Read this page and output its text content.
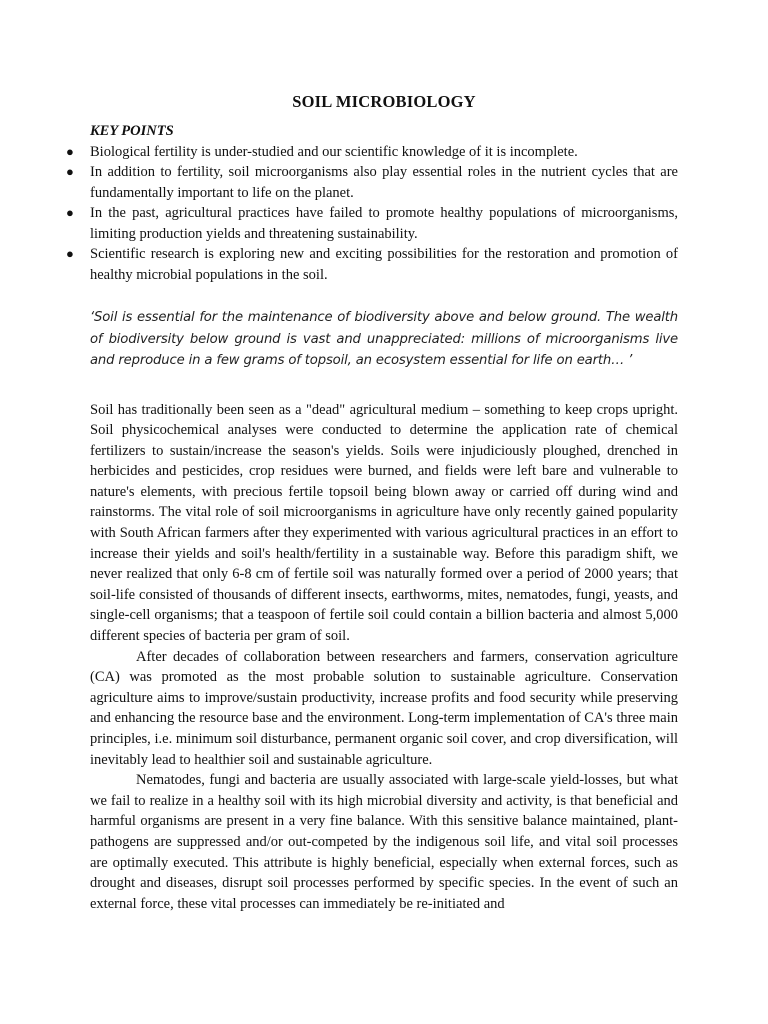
SOIL MICROBIOLOGY
KEY POINTS
● Biological fertility is under-studied and our scientific knowledge of it is incomplete.
● In addition to fertility, soil microorganisms also play essential roles in the nutrient cycles that are fundamentally important to life on the planet.
● In the past, agricultural practices have failed to promote healthy populations of microorganisms, limiting production yields and threatening sustainability.
● Scientific research is exploring new and exciting possibilities for the restoration and promotion of healthy microbial populations in the soil.
‘Soil is essential for the maintenance of biodiversity above and below ground. The wealth of biodiversity below ground is vast and unappreciated: millions of microorganisms live and reproduce in a few grams of topsoil, an ecosystem essential for life on earth… ’

Soil has traditionally been seen as a "dead" agricultural medium – something to keep crops upright. Soil physicochemical analyses were conducted to determine the application rate of chemical fertilizers to sustain/increase the season's yields. Soils were injudiciously ploughed, drenched in herbicides and pesticides, crop residues were burned, and fields were left bare and vulnerable to nature's elements, with precious fertile topsoil being blown away or carried off during wind and rainstorms. The vital role of soil microorganisms in agriculture have only recently gained popularity with South African farmers after they experimented with various agricultural practices in an effort to increase their yields and soil's health/fertility in a sustainable way. Before this paradigm shift, we never realized that only 6-8 cm of fertile soil was naturally formed over a period of 2000 years; that soil-life consisted of thousands of different insects, earthworms, mites, nematodes, fungi, yeasts, and single-cell organisms; that a teaspoon of fertile soil could contain a billion bacteria and almost 5,000 different species of bacteria per gram of soil.

After decades of collaboration between researchers and farmers, conservation agriculture (CA) was promoted as the most probable solution to sustainable agriculture. Conservation agriculture aims to improve/sustain productivity, increase profits and food security while preserving and enhancing the resource base and the environment. Long-term implementation of CA's three main principles, i.e. minimum soil disturbance, permanent organic soil cover, and crop diversification, will inevitably lead to healthier soil and sustainable agriculture.

Nematodes, fungi and bacteria are usually associated with large-scale yield-losses, but what we fail to realize in a healthy soil with its high microbial diversity and activity, is that beneficial and harmful organisms are present in a very fine balance. With this sensitive balance maintained, plant-pathogens are suppressed and/or out-competed by the indigenous soil life, and vital soil processes are optimally executed. This attribute is highly beneficial, especially when external forces, such as drought and diseases, disrupt soil processes performed by specific species. In the event of such an external force, these vital processes can immediately be re-initiated and
